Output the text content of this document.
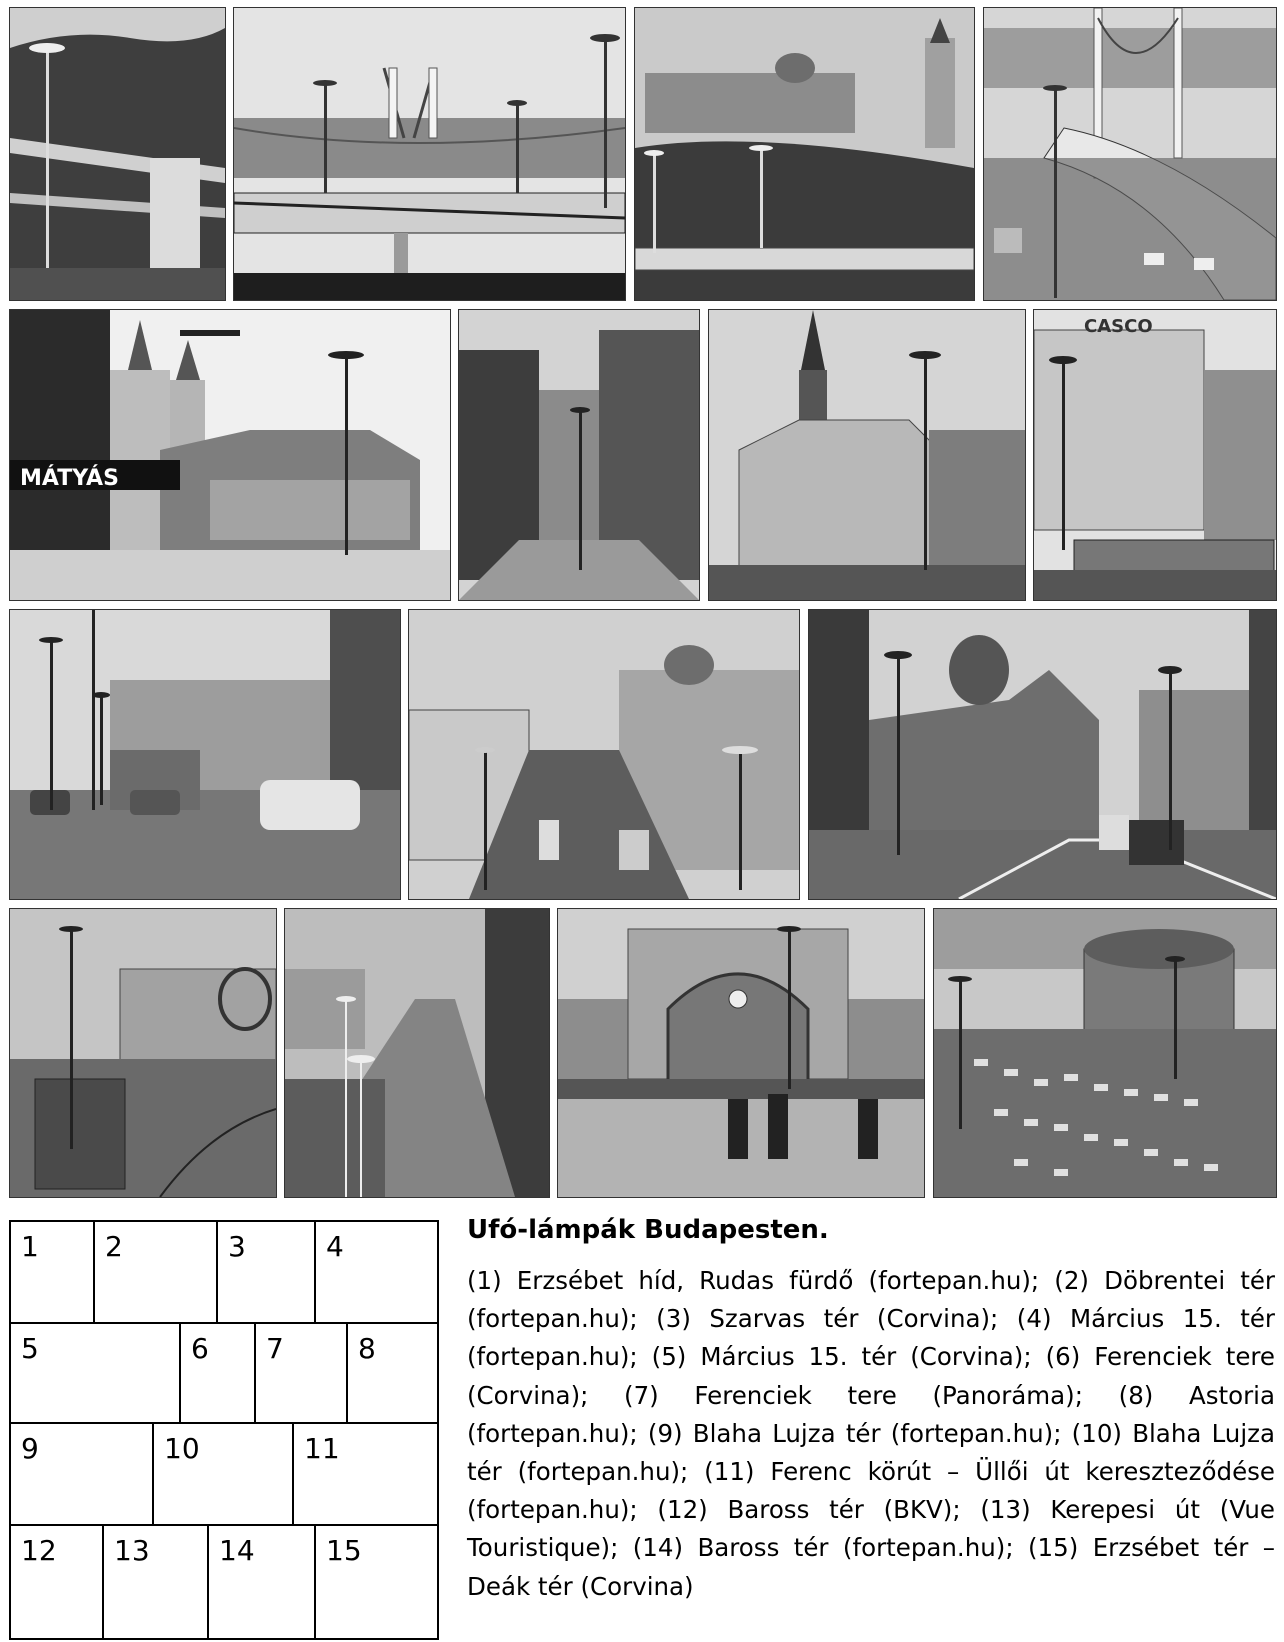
MÁTYÁS
CASCO
1	2	3	4
5	6	7	8
9	10	11
12	13	14	15

Ufó-lámpák Budapesten.

(1) Erzsébet híd, Rudas fürdő (fortepan.hu); (2) Döbrentei tér (fortepan.hu); (3) Szarvas tér (Corvina); (4) Március 15. tér (fortepan.hu); (5) Március 15. tér (Corvina); (6) Ferenciek tere (Corvina); (7) Ferenciek tere (Panoráma); (8) Astoria (fortepan.hu); (9) Blaha Lujza tér (fortepan.hu); (10) Blaha Lujza tér (fortepan.hu); (11) Ferenc körút – Üllői út kereszteződése (fortepan.hu); (12) Baross tér (BKV); (13) Kerepesi út (Vue Touristique); (14) Baross tér (fortepan.hu); (15) Erzsébet tér – Deák tér (Corvina)
